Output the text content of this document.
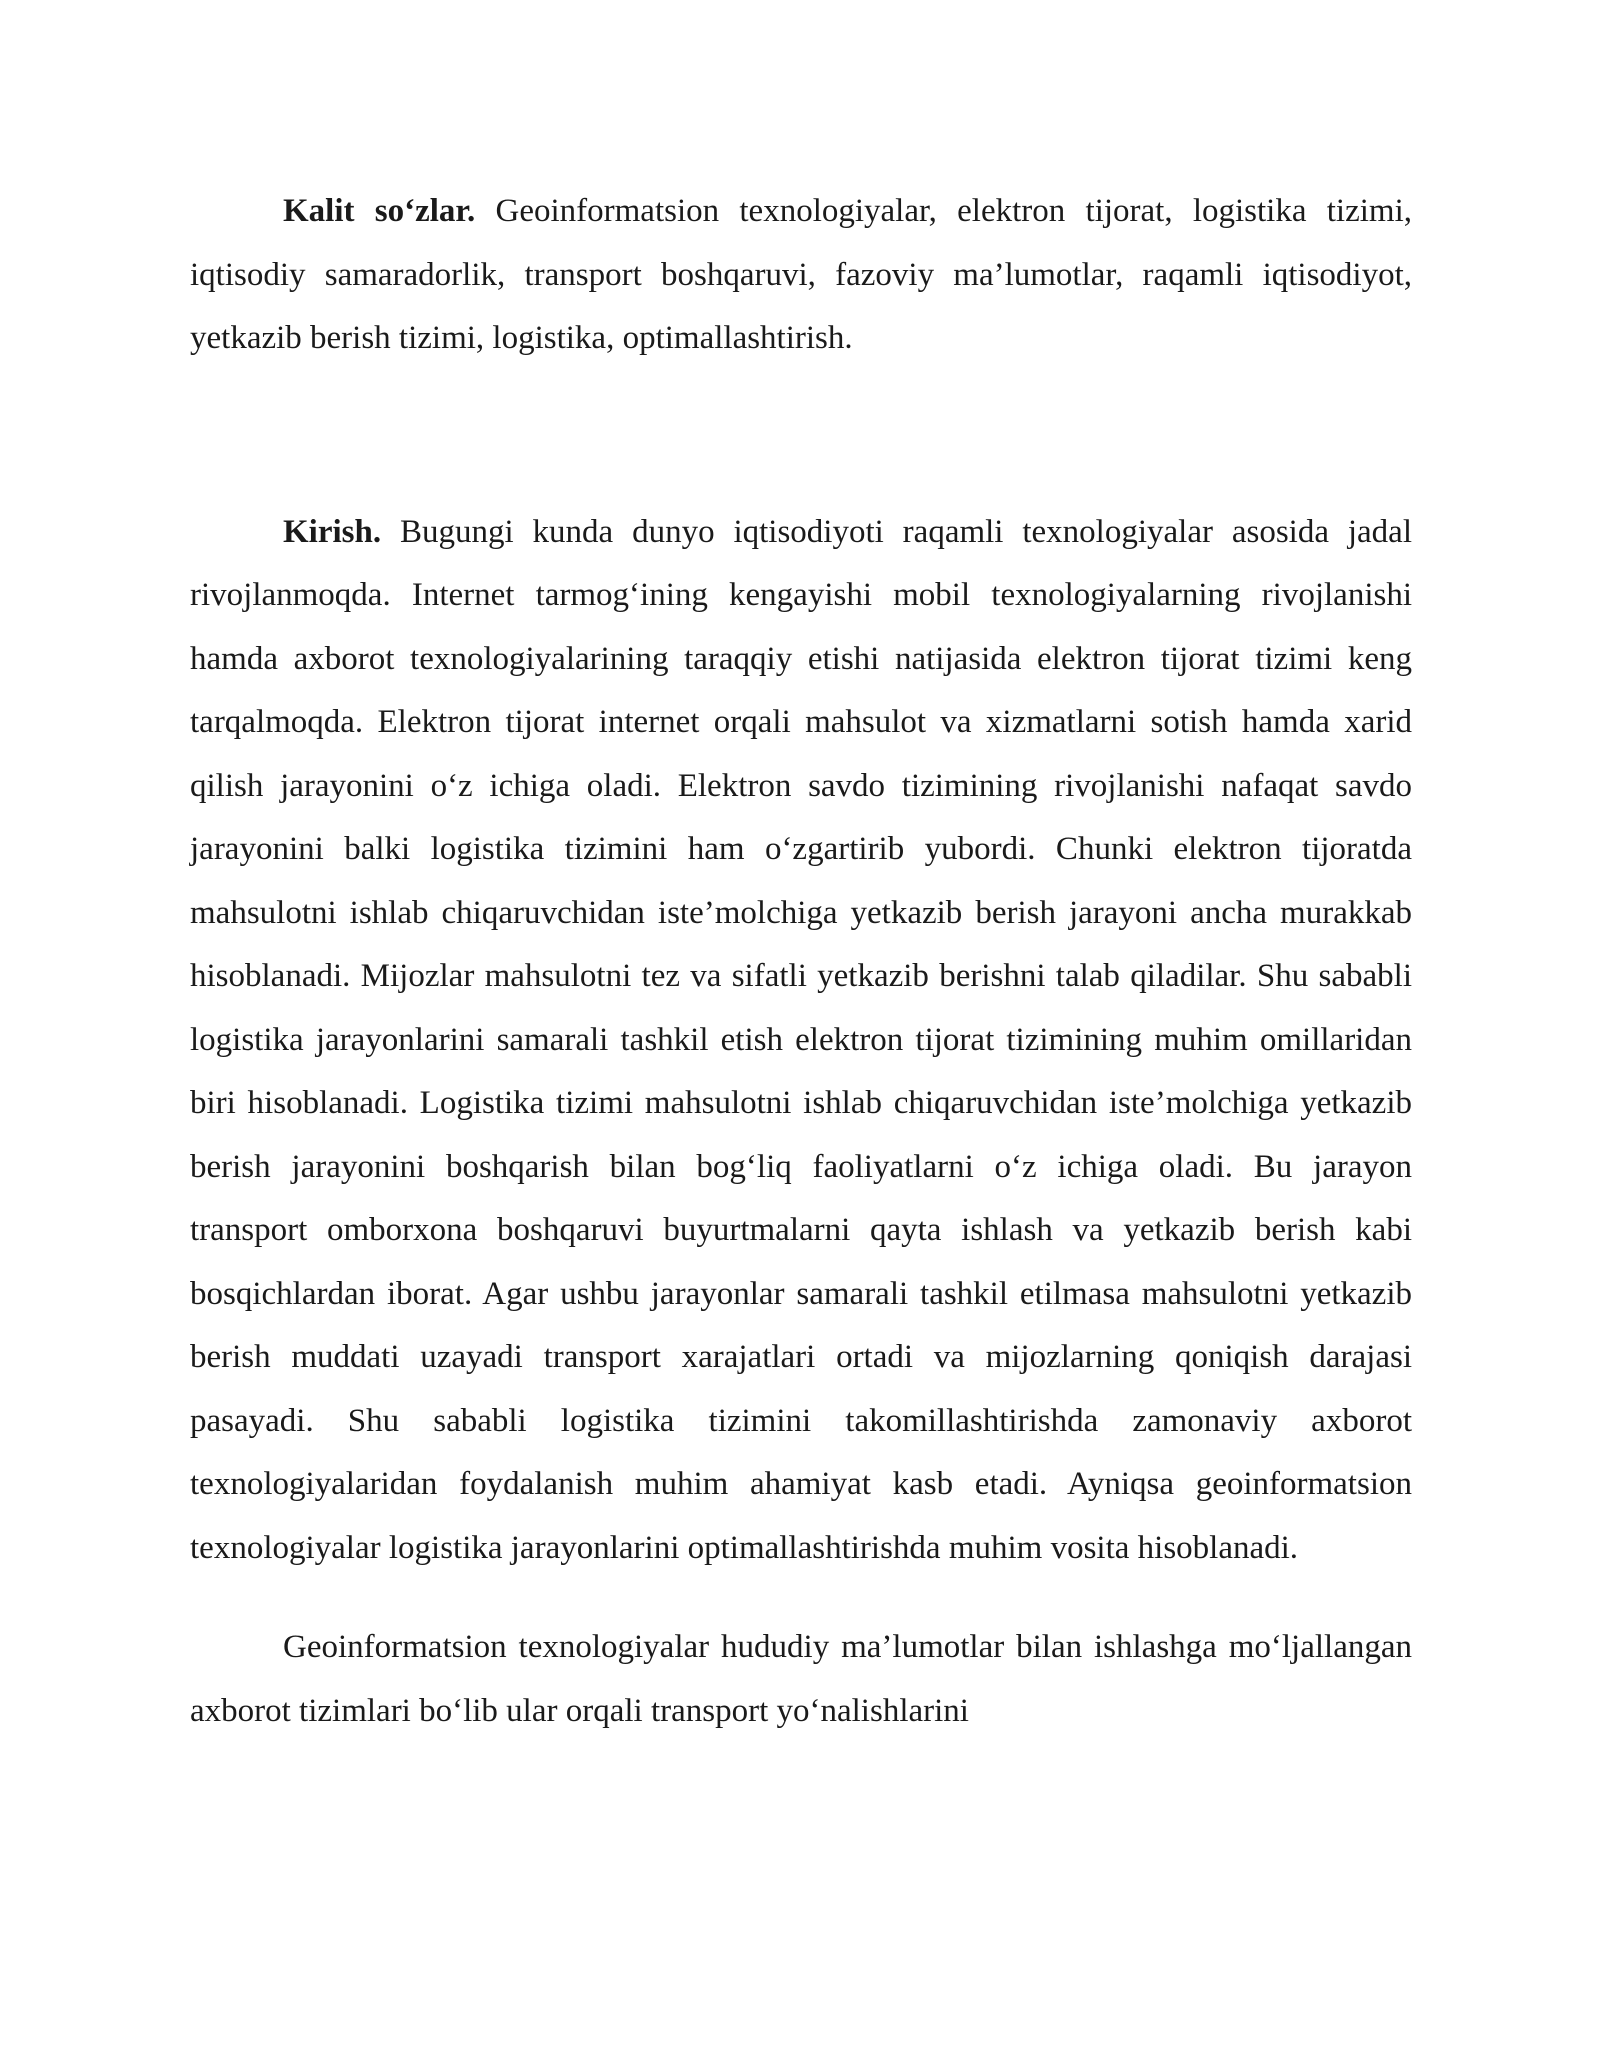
Kalit so‘zlar. Geoinformatsion texnologiyalar, elektron tijorat, logistika tizimi, iqtisodiy samaradorlik, transport boshqaruvi, fazoviy ma’lumotlar, raqamli iqtisodiyot, yetkazib berish tizimi, logistika, optimallashtirish.

Kirish. Bugungi kunda dunyo iqtisodiyoti raqamli texnologiyalar asosida jadal rivojlanmoqda. Internet tarmog‘ining kengayishi mobil texnologiyalarning rivojlanishi hamda axborot texnologiyalarining taraqqiy etishi natijasida elektron tijorat tizimi keng tarqalmoqda. Elektron tijorat internet orqali mahsulot va xizmatlarni sotish hamda xarid qilish jarayonini o‘z ichiga oladi. Elektron savdo tizimining rivojlanishi nafaqat savdo jarayonini balki logistika tizimini ham o‘zgartirib yubordi. Chunki elektron tijoratda mahsulotni ishlab chiqaruvchidan iste’molchiga yetkazib berish jarayoni ancha murakkab hisoblanadi. Mijozlar mahsulotni tez va sifatli yetkazib berishni talab qiladilar. Shu sababli logistika jarayonlarini samarali tashkil etish elektron tijorat tizimining muhim omillaridan biri hisoblanadi. Logistika tizimi mahsulotni ishlab chiqaruvchidan iste’molchiga yetkazib berish jarayonini boshqarish bilan bog‘liq faoliyatlarni o‘z ichiga oladi. Bu jarayon transport omborxona boshqaruvi buyurtmalarni qayta ishlash va yetkazib berish kabi bosqichlardan iborat. Agar ushbu jarayonlar samarali tashkil etilmasa mahsulotni yetkazib berish muddati uzayadi transport xarajatlari ortadi va mijozlarning qoniqish darajasi pasayadi. Shu sababli logistika tizimini takomillashtirishda zamonaviy axborot texnologiyalaridan foydalanish muhim ahamiyat kasb etadi. Ayniqsa geoinformatsion texnologiyalar logistika jarayonlarini optimallashtirishda muhim vosita hisoblanadi.

Geoinformatsion texnologiyalar hududiy ma’lumotlar bilan ishlashga mo‘ljallangan axborot tizimlari bo‘lib ular orqali transport yo‘nalishlarini
